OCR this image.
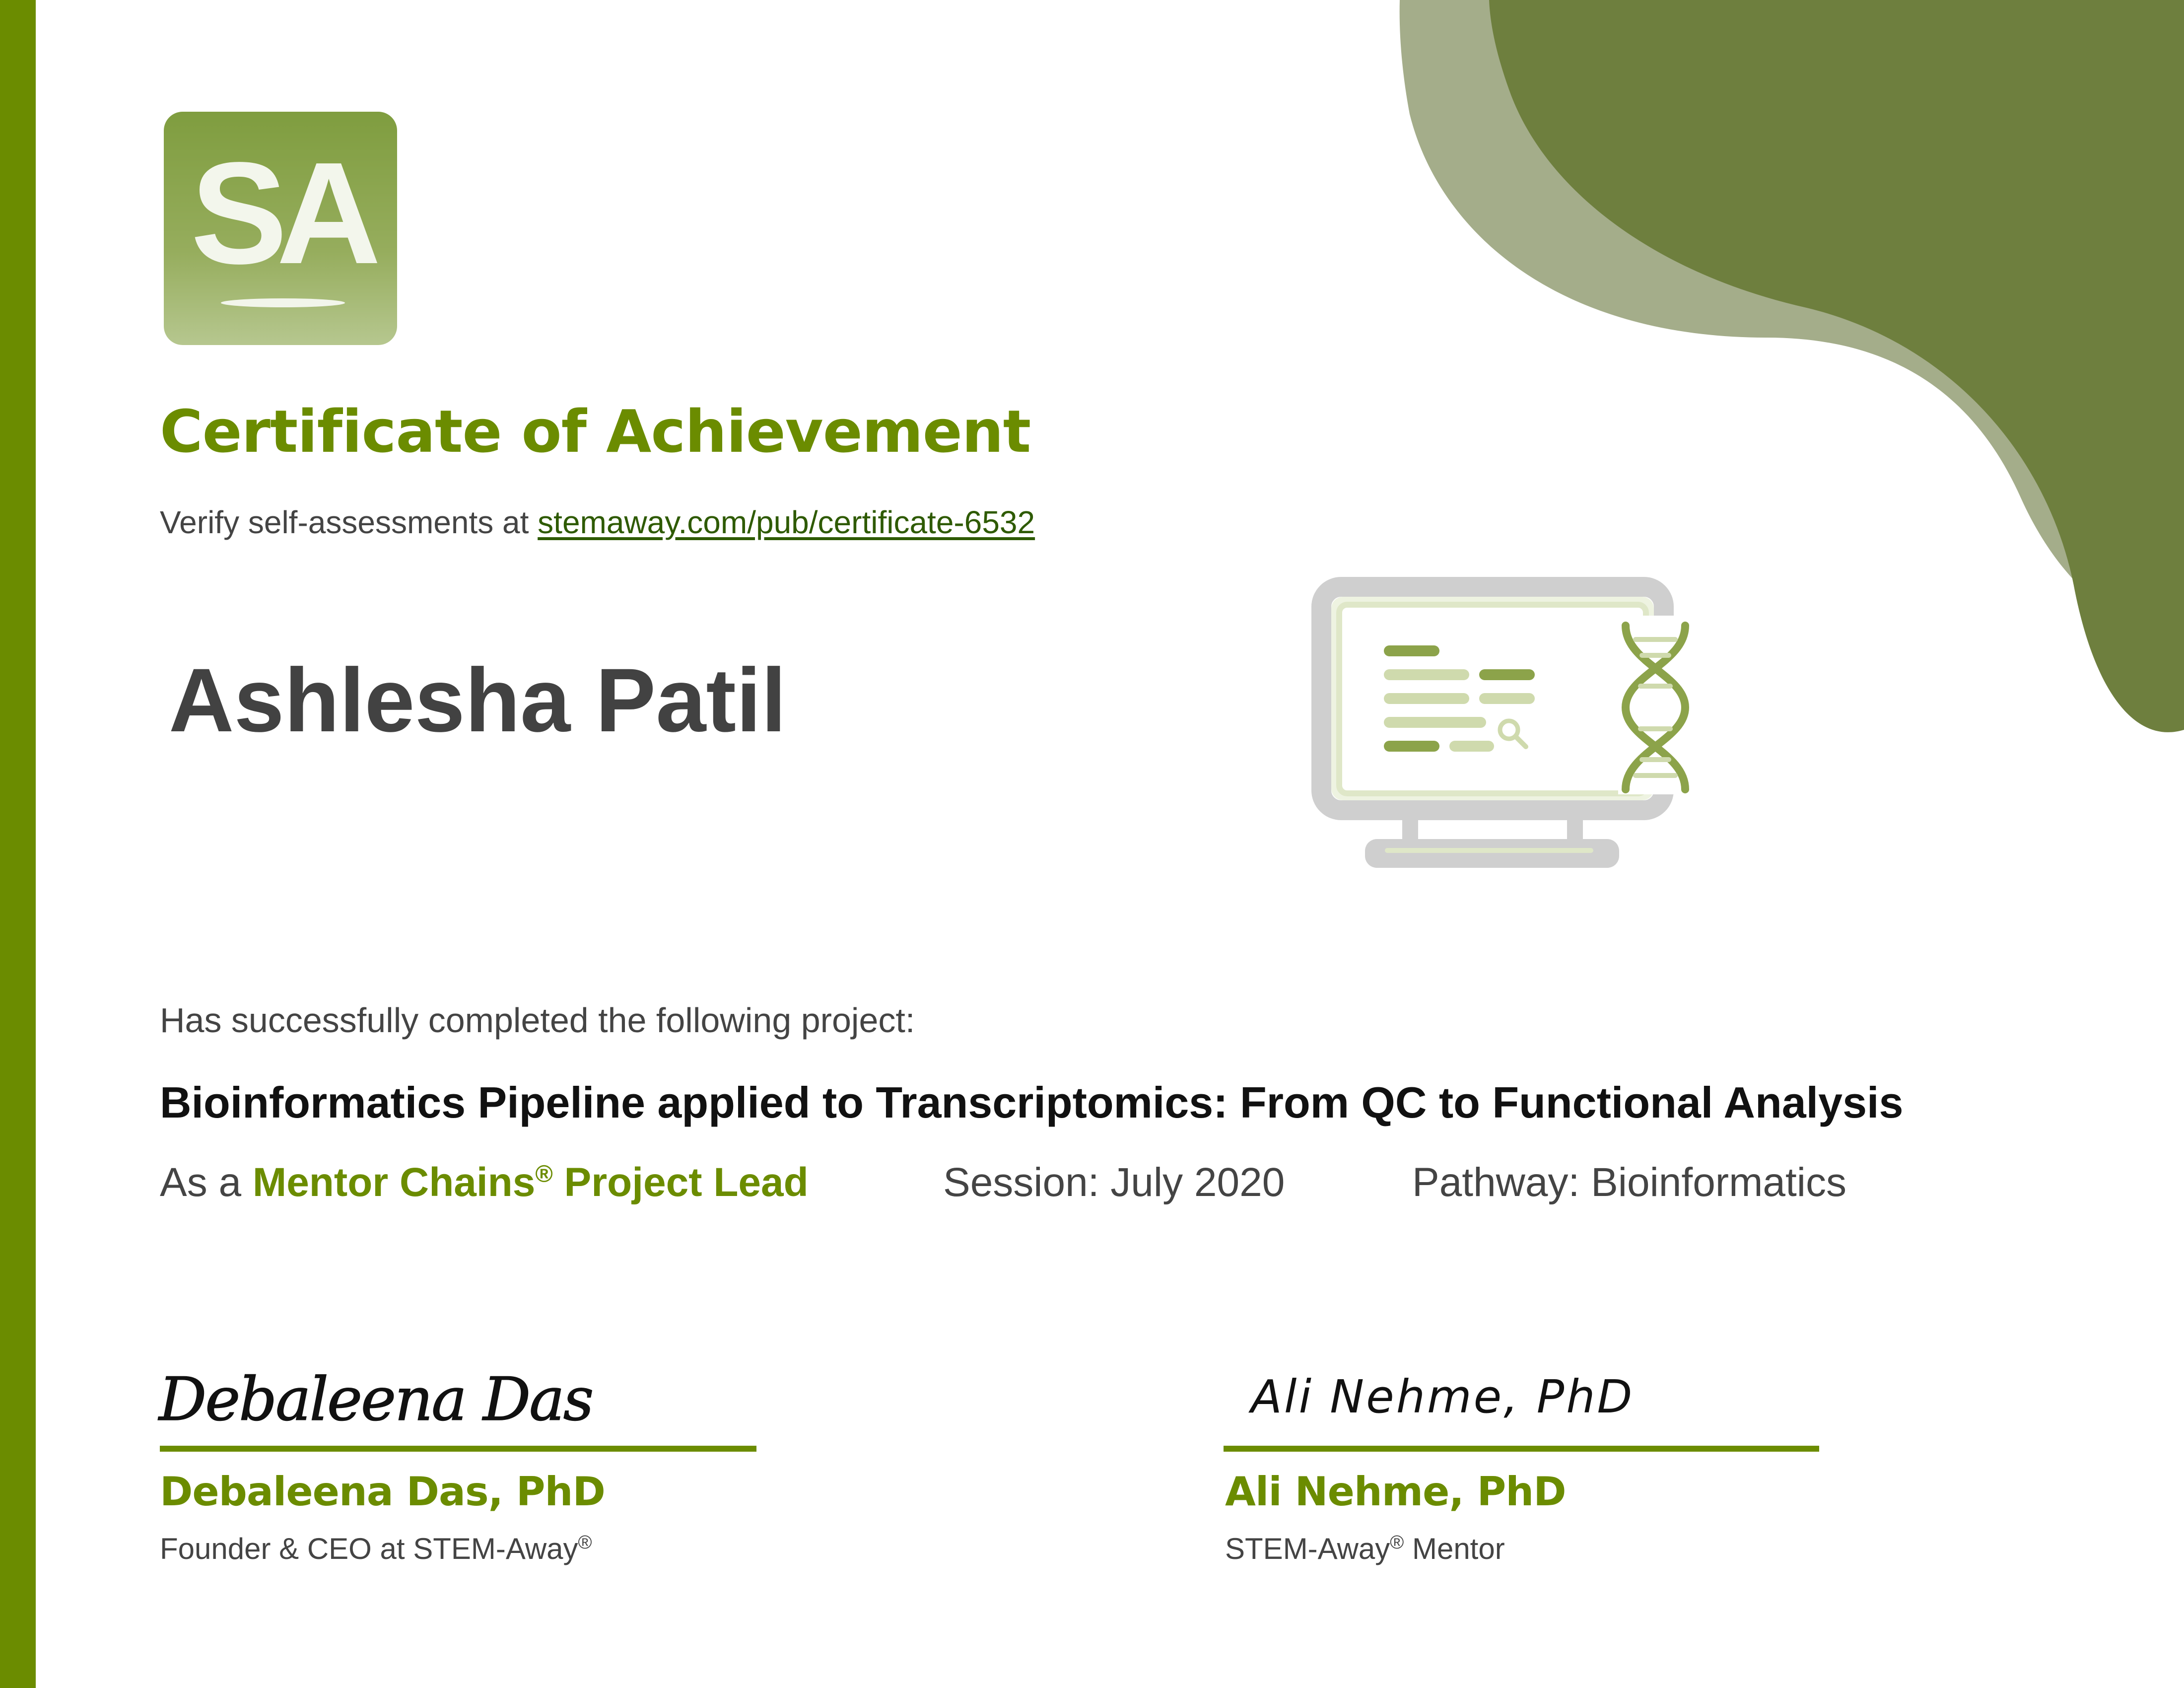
SA
Certificate of Achievement
Verify self-assessments at stemaway.com/pub/certificate-6532
Ashlesha Patil
Has successfully completed the following project:
Bioinformatics Pipeline applied to Transcriptomics: From QC to Functional Analysis
As a Mentor Chains® Project Lead	Session: July 2020	Pathway: Bioinformatics
Debaleena Das
Debaleena Das, PhD
Founder & CEO at STEM-Away®
Ali Nehme, PhD
Ali Nehme, PhD
STEM-Away® Mentor
